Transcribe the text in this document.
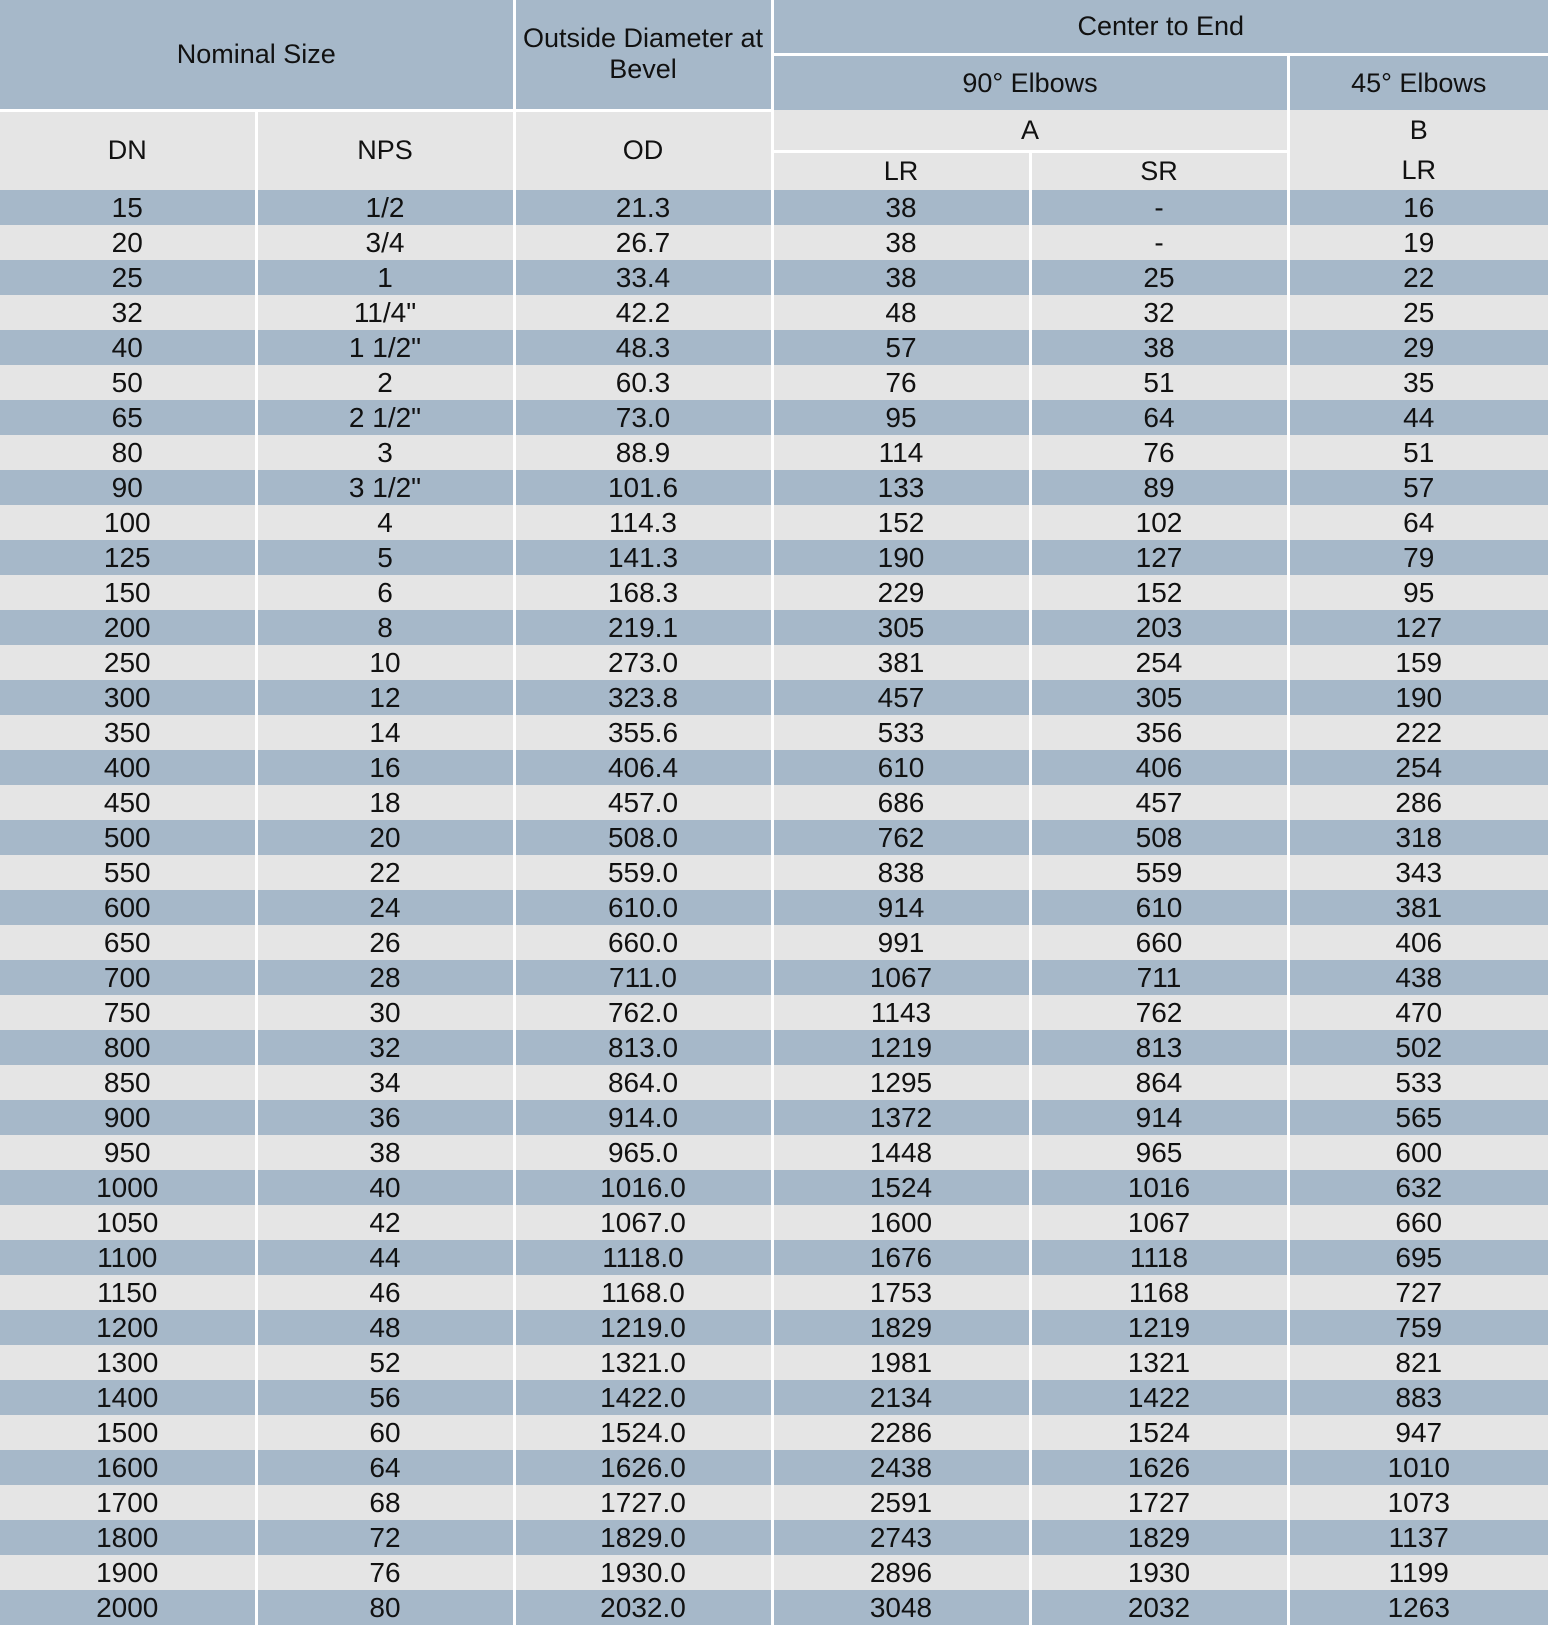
Nominal Size		Outside Diameter at Bevel	Center to End		
			90° Elbows		45° Elbows
DN	NPS	OD	A		B
			LR	SR	LR
15	1/2	21.3	38	-	16
20	3/4	26.7	38	-	19
25	1	33.4	38	25	22
32	11/4"	42.2	48	32	25
40	1 1/2"	48.3	57	38	29
50	2	60.3	76	51	35
65	2 1/2"	73.0	95	64	44
80	3	88.9	114	76	51
90	3 1/2"	101.6	133	89	57
100	4	114.3	152	102	64
125	5	141.3	190	127	79
150	6	168.3	229	152	95
200	8	219.1	305	203	127
250	10	273.0	381	254	159
300	12	323.8	457	305	190
350	14	355.6	533	356	222
400	16	406.4	610	406	254
450	18	457.0	686	457	286
500	20	508.0	762	508	318
550	22	559.0	838	559	343
600	24	610.0	914	610	381
650	26	660.0	991	660	406
700	28	711.0	1067	711	438
750	30	762.0	1143	762	470
800	32	813.0	1219	813	502
850	34	864.0	1295	864	533
900	36	914.0	1372	914	565
950	38	965.0	1448	965	600
1000	40	1016.0	1524	1016	632
1050	42	1067.0	1600	1067	660
1100	44	1118.0	1676	1118	695
1150	46	1168.0	1753	1168	727
1200	48	1219.0	1829	1219	759
1300	52	1321.0	1981	1321	821
1400	56	1422.0	2134	1422	883
1500	60	1524.0	2286	1524	947
1600	64	1626.0	2438	1626	1010
1700	68	1727.0	2591	1727	1073
1800	72	1829.0	2743	1829	1137
1900	76	1930.0	2896	1930	1199
2000	80	2032.0	3048	2032	1263
